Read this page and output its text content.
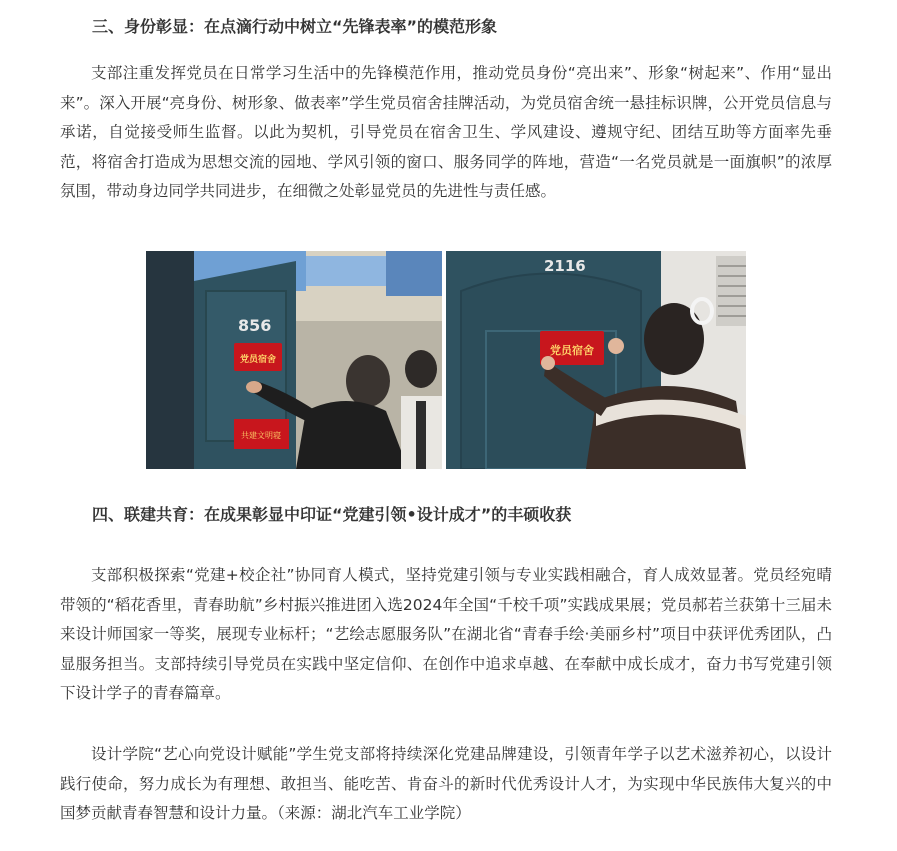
三、身份彰显：在点滴行动中树立“先锋表率”的模范形象

支部注重发挥党员在日常学习生活中的先锋模范作用，推动党员身份“亮出来”、形象“树起来”、作用“显出来”。深入开展“亮身份、树形象、做表率”学生党员宿舍挂牌活动，为党员宿舍统一悬挂标识牌，公开党员信息与承诺，自觉接受师生监督。以此为契机，引导党员在宿舍卫生、学风建设、遵规守纪、团结互助等方面率先垂范，将宿舍打造成为思想交流的园地、学风引领的窗口、服务同学的阵地，营造“一名党员就是一面旗帜”的浓厚氛围，带动身边同学共同进步，在细微之处彰显党员的先进性与责任感。

856
党员宿舍
共建文明寝
2116
党员宿舍
四、联建共育：在成果彰显中印证“党建引领•设计成才”的丰硕收获

支部积极探索“党建+校企社”协同育人模式，坚持党建引领与专业实践相融合，育人成效显著。党员经宛晴带领的“稻花香里，青春助航”乡村振兴推进团入选2024年全国“千校千项”实践成果展；党员郝若兰获第十三届未来设计师国家一等奖，展现专业标杆；“艺绘志愿服务队”在湖北省“青春手绘·美丽乡村”项目中获评优秀团队，凸显服务担当。支部持续引导党员在实践中坚定信仰、在创作中追求卓越、在奉献中成长成才，奋力书写党建引领下设计学子的青春篇章。

设计学院“艺心向党设计赋能”学生党支部将持续深化党建品牌建设，引领青年学子以艺术滋养初心，以设计践行使命，努力成长为有理想、敢担当、能吃苦、肯奋斗的新时代优秀设计人才，为实现中华民族伟大复兴的中国梦贡献青春智慧和设计力量。（来源：湖北汽车工业学院）
